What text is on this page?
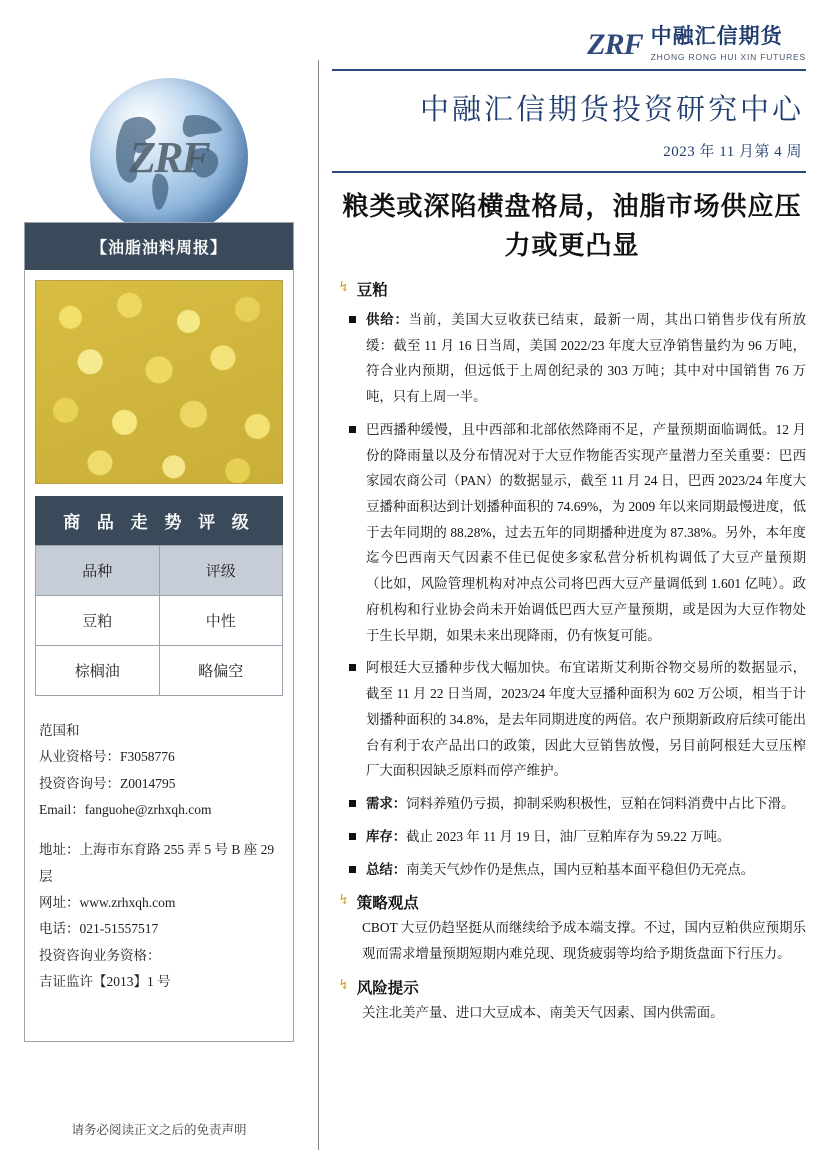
ZRF
【油脂油料周报】
商 品 走 势 评 级
品种	评级
豆粕	中性
棕榈油	略偏空
范国和
从业资格号：F3058776
投资咨询号：Z0014795
Email：fanguohe@zrhxqh.com
地址：上海市东育路 255 弄 5 号 B 座 29 层
网址：www.zrhxqh.com
电话：021-51557517
投资咨询业务资格：
吉证监许【2013】1 号
请务必阅读正文之后的免责声明
ZRF 中融汇信期货
ZHONG RONG HUI XIN FUTURES
中融汇信期货投资研究中心
2023 年 11 月第 4 周
粮类或深陷横盘格局，油脂市场供应压力或更凸显
↯ 豆粕
供给：当前，美国大豆收获已结束，最新一周，其出口销售步伐有所放缓：截至 11 月 16 日当周，美国 2022/23 年度大豆净销售量约为 96 万吨，符合业内预期，但远低于上周创纪录的 303 万吨；其中对中国销售 76 万吨，只有上周一半。
巴西播种缓慢，且中西部和北部依然降雨不足，产量预期面临调低。12 月份的降雨量以及分布情况对于大豆作物能否实现产量潜力至关重要：巴西家园农商公司（PAN）的数据显示，截至 11 月 24 日，巴西 2023/24 年度大豆播种面积达到计划播种面积的 74.69%，为 2009 年以来同期最慢进度，低于去年同期的 88.28%，过去五年的同期播种进度为 87.38%。另外，本年度迄今巴西南天气因素不佳已促使多家私营分析机构调低了大豆产量预期（比如，风险管理机构对冲点公司将巴西大豆产量调低到 1.601 亿吨）。政府机构和行业协会尚未开始调低巴西大豆产量预期，或是因为大豆作物处于生长早期，如果未来出现降雨，仍有恢复可能。
阿根廷大豆播种步伐大幅加快。布宜诺斯艾利斯谷物交易所的数据显示，截至 11 月 22 日当周，2023/24 年度大豆播种面积为 602 万公顷，相当于计划播种面积的 34.8%，是去年同期进度的两倍。农户预期新政府后续可能出台有利于农产品出口的政策，因此大豆销售放慢，另目前阿根廷大豆压榨厂大面积因缺乏原料而停产维护。
需求：饲料养殖仍亏损，抑制采购积极性，豆粕在饲料消费中占比下滑。
库存：截止 2023 年 11 月 19 日，油厂豆粕库存为 59.22 万吨。
总结：南美天气炒作仍是焦点，国内豆粕基本面平稳但仍无亮点。
↯ 策略观点
CBOT 大豆仍趋坚挺从而继续给予成本端支撑。不过，国内豆粕供应预期乐观而需求增量预期短期内难兑现、现货疲弱等均给予期货盘面下行压力。
↯ 风险提示
关注北美产量、进口大豆成本、南美天气因素、国内供需面。
